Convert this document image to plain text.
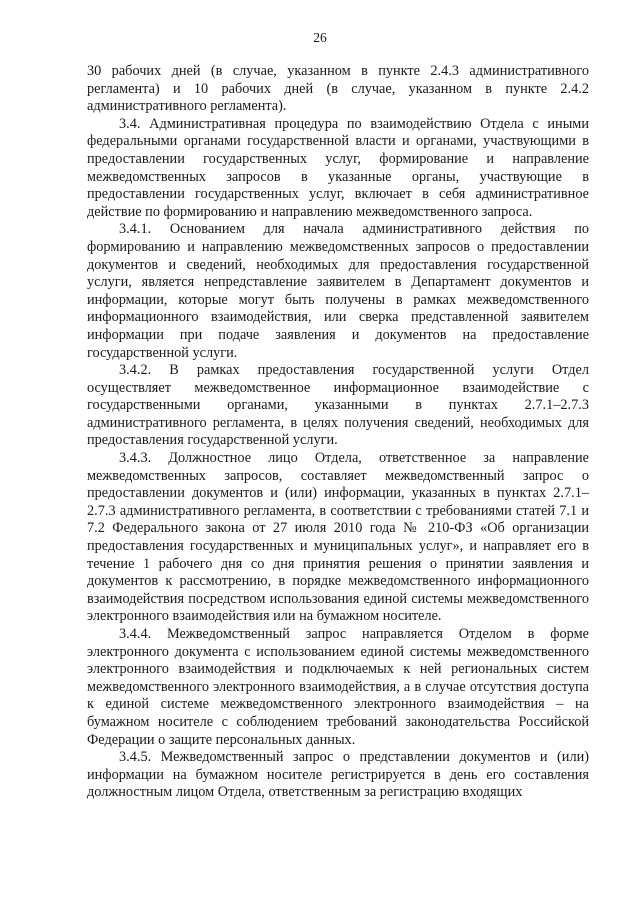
26

30 рабочих дней (в случае, указанном в пункте 2.4.3 административного регламента) и 10 рабочих дней (в случае, указанном в пункте 2.4.2 административного регламента).

3.4. Административная процедура по взаимодействию Отдела с иными федеральными органами государственной власти и органами, участвующими в предоставлении государственных услуг, формирование и направление межведомственных запросов в указанные органы, участвующие в предоставлении государственных услуг, включает в себя административное действие по формированию и направлению межведомственного запроса.

3.4.1. Основанием для начала административного действия по формированию и направлению межведомственных запросов о предоставлении документов и сведений, необходимых для предоставления государственной услуги, является непредставление заявителем в Департамент документов и информации, которые могут быть получены в рамках межведомственного информационного взаимодействия, или сверка представленной заявителем информации при подаче заявления и документов на предоставление государственной услуги.

3.4.2. В рамках предоставления государственной услуги Отдел осуществляет межведомственное информационное взаимодействие с государственными органами, указанными в пунктах 2.7.1–2.7.3 административного регламента, в целях получения сведений, необходимых для предоставления государственной услуги.

3.4.3. Должностное лицо Отдела, ответственное за направление межведомственных запросов, составляет межведомственный запрос о предоставлении документов и (или) информации, указанных в пунктах 2.7.1–2.7.3 административного регламента, в соответствии с требованиями статей 7.1 и 7.2 Федерального закона от 27 июля 2010 года № 210-ФЗ «Об организации предоставления государственных и муниципальных услуг», и направляет его в течение 1 рабочего дня со дня принятия решения о принятии заявления и документов к рассмотрению, в порядке межведомственного информационного взаимодействия посредством использования единой системы межведомственного электронного взаимодействия или на бумажном носителе.

3.4.4. Межведомственный запрос направляется Отделом в форме электронного документа с использованием единой системы межведомственного электронного взаимодействия и подключаемых к ней региональных систем межведомственного электронного взаимодействия, а в случае отсутствия доступа к единой системе межведомственного электронного взаимодействия – на бумажном носителе с соблюдением требований законодательства Российской Федерации о защите персональных данных.

3.4.5. Межведомственный запрос о представлении документов и (или) информации на бумажном носителе регистрируется в день его составления должностным лицом Отдела, ответственным за регистрацию входящих
